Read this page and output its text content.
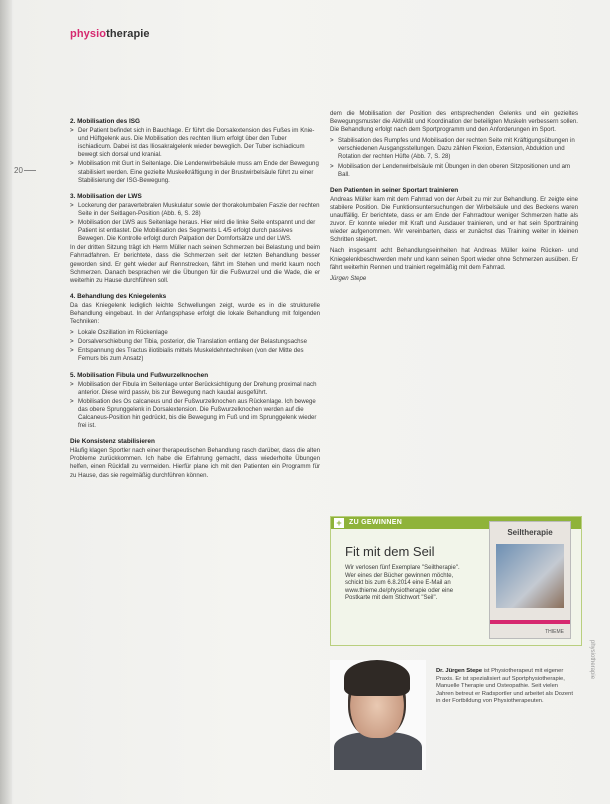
physiotherapie
20
2. Mobilisation des ISG
> Der Patient befindet sich in Bauchlage. Er führt die Dorsalextension des Fußes im Knie- und Hüftgelenk aus. Die Mobilisation des rechten Ilium erfolgt über den Tuber ischiadicum. Dabei ist das Iliosakralgelenk wieder beweglich. Der Tuber ischiadicum bewegt sich dorsal und kranial.
> Mobilisation mit Gurt in Seitenlage. Die Lendenwirbelsäule muss am Ende der Bewegung stabilisiert werden. Eine gezielte Muskelkräftigung in der Brustwirbelsäule führt zu einer Stabilisierung der ISG-Bewegung.
3. Mobilisation der LWS
> Lockerung der paravertebralen Muskulatur sowie der thorakolumbalen Faszie der rechten Seite in der Seitlagen-Position (Abb. 6, S. 28)
> Mobilisation der LWS aus Seitenlage heraus. Hier wird die linke Seite entspannt und der Patient ist entlastet. Die Mobilisation des Segments L 4/5 erfolgt durch passives Bewegen. Die Kontrolle erfolgt durch Palpation der Dornfortsätze und der LWS.

In der dritten Sitzung trägt ich Herrn Müller nach seinen Schmerzen bei Belastung und beim Fahrradfahren. Er berichtete, dass die Schmerzen seit der letzten Behandlung besser geworden sind. Er geht wieder auf Rennstrecken, fährt im Stehen und merkt kaum noch Schmerzen. Danach besprachen wir die Übungen für die Fußwurzel und die Wade, die er weiterhin zu Hause durchführen soll.

4. Behandlung des Kniegelenks

Da das Kniegelenk lediglich leichte Schwellungen zeigt, wurde es in die strukturelle Behandlung eingebaut. In der Anfangsphase erfolgt die lokale Behandlung mit folgenden Techniken:

> Lokale Oszillation im Rückenlage
> Dorsalverschiebung der Tibia, posterior, die Translation entlang der Belastungsachse
> Entspannung des Tractus iliotibialis mittels Muskeldehntechniken (von der Mitte des Femurs bis zum Ansatz)
5. Mobilisation Fibula und Fußwurzelknochen
> Mobilisation der Fibula im Seitenlage unter Berücksichtigung der Drehung proximal nach anterior. Diese wird passiv, bis zur Bewegung nach kaudal ausgeführt.
> Mobilisation des Os calcaneus und der Fußwurzelknochen aus Rückenlage. Ich bewege das obere Sprunggelenk in Dorsalextension. Die Fußwurzelknochen werden auf die Calcaneus-Position hin gedrückt, bis die Bewegung im Fuß und im Sprunggelenk wieder frei ist.
Die Konsistenz stabilisieren

Häufig klagen Sportler nach einer therapeutischen Behandlung rasch darüber, dass die alten Probleme zurückkommen. Ich habe die Erfahrung gemacht, dass wiederholte Übungen helfen, einen Rückfall zu vermeiden. Hierfür plane ich mit den Patienten ein Programm für zu Hause, das sie regelmäßig durchführen können.

dem die Mobilisation der Position des entsprechenden Gelenks und ein gezieltes Bewegungsmuster die Aktivität und Koordination der beteiligten Muskeln verbessern sollen. Die Behandlung erfolgt nach dem Sportprogramm und den Anforderungen im Sport.

> Stabilisation des Rumpfes und Mobilisation der rechten Seite mit Kräftigungsübungen in verschiedenen Ausgangsstellungen. Dazu zählen Flexion, Extension, Abduktion und Rotation der rechten Hüfte (Abb. 7, S. 28)
> Mobilisation der Lendenwirbelsäule mit Übungen in den oberen Sitzpositionen und am Ball.
Den Patienten in seiner Sportart trainieren

Andreas Müller kam mit dem Fahrrad von der Arbeit zu mir zur Behandlung. Er zeigte eine stabilere Position. Die Funktionsuntersuchungen der Wirbelsäule und des Beckens waren unauffällig. Er berichtete, dass er am Ende der Fahrradtour weniger Schmerzen hatte als zuvor. Er konnte wieder mit Kraft und Ausdauer trainieren, und er hat sein Sporttraining wieder aufgenommen. Wir vereinbarten, dass er zunächst das Training weiter in kleinen Schritten steigert.

Nach insgesamt acht Behandlungseinheiten hat Andreas Müller keine Rücken- und Kniegelenkbeschwerden mehr und kann seinen Sport wieder ohne Schmerzen ausüben. Er fährt weiterhin Rennen und trainiert regelmäßig mit dem Fahrrad.

Jürgen Stepe

+	ZU GEWINNEN
Fit mit dem Seil
Wir verlosen fünf Exemplare "Seiltherapie". Wer eines der Bücher gewinnen möchte, schickt bis zum 6.8.2014 eine E-Mail an www.thieme.de/physiotherapie oder eine Postkarte mit dem Stichwort "Seil".
Seiltherapie
THIEME
Dr. Jürgen Stepe ist Physiotherapeut mit eigener Praxis. Er ist spezialisiert auf Sportphysiotherapie, Manuelle Therapie und Osteopathie. Seit vielen Jahren betreut er Radsportler und arbeitet als Dozent in der Fortbildung von Physiotherapeuten.
physiotherapie
